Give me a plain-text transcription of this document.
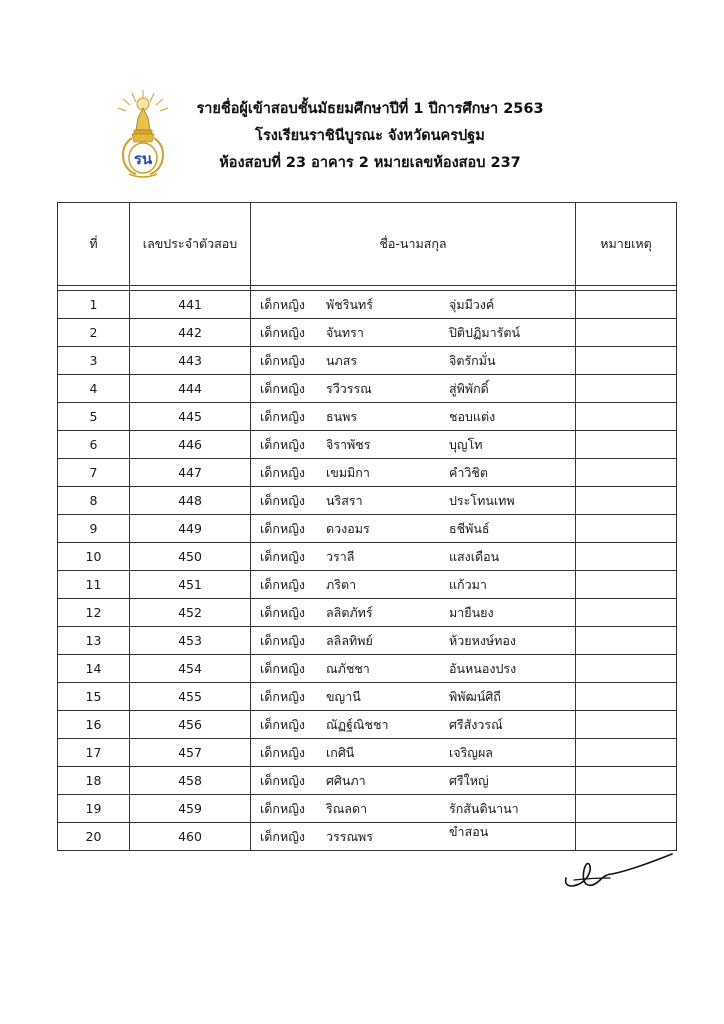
รน
รายชื่อผู้เข้าสอบชั้นมัธยมศึกษาปีที่ 1 ปีการศึกษา 2563
โรงเรียนราชินีบูรณะ จังหวัดนครปฐม
ห้องสอบที่ 23 อาคาร 2 หมายเลขห้องสอบ 237
ที่	เลขประจำตัวสอบ	ชื่อ-นามสกุล	หมายเหตุ

1	441	เด็กหญิง พัชรินทร์ จุ่มมีวงค์	

2	442	เด็กหญิง จันทรา ปิติปฏิมารัตน์	

3	443	เด็กหญิง นภสร จิตรักมั่น	

4	444	เด็กหญิง รวีวรรณ สู่พิพักดิ์	

5	445	เด็กหญิง ธนพร ชอบแต่ง	

6	446	เด็กหญิง จิราพัชร บุญโท	

7	447	เด็กหญิง เขมมิกา คำวิชิต	

8	448	เด็กหญิง นริสรา ประโทนเทพ	

9	449	เด็กหญิง ดวงอมร ธชีพันธ์	

10	450	เด็กหญิง วราลี แสงเดือน	

11	451	เด็กหญิง ภริตา แก้วมา	

12	452	เด็กหญิง ลลิตภัทร์ มายืนยง	

13	453	เด็กหญิง ลลิลทิพย์ ห้วยหงษ์ทอง	

14	454	เด็กหญิง ณภัชชา อันหนองปรง	

15	455	เด็กหญิง ขญานี พิพัฒน์ศิถี	

16	456	เด็กหญิง ณัฏฐ์ณิชชา ศรีสังวรณ์	

17	457	เด็กหญิง เกศินี เจริญผล	

18	458	เด็กหญิง ศศินภา ศรีใหญ่	

19	459	เด็กหญิง ริณลดา รักสันตินานา	

20	460	เด็กหญิง วรรณพร ขำสอน	
